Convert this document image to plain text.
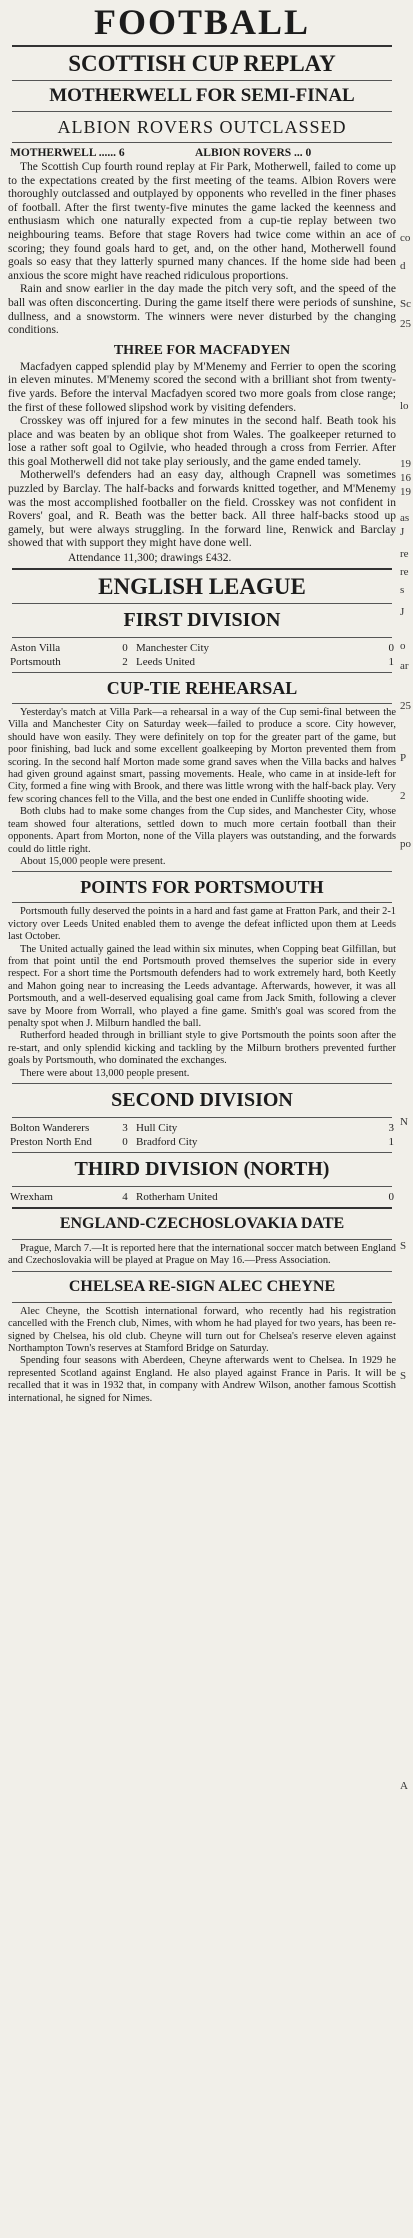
FOOTBALL
SCOTTISH CUP REPLAY
MOTHERWELL FOR SEMI-FINAL
ALBION ROVERS OUTCLASSED
MOTHERWELL ...... 6	ALBION ROVERS ... 0

The Scottish Cup fourth round replay at Fir Park, Motherwell, failed to come up to the expectations created by the first meeting of the teams. Albion Rovers were thoroughly outclassed and outplayed by opponents who revelled in the finer phases of football. After the first twenty-five minutes the game lacked the keenness and enthusiasm which one naturally expected from a cup-tie replay between two neighbouring teams. Before that stage Rovers had twice come within an ace of scoring; they found goals hard to get, and, on the other hand, Motherwell found goals so easy that they latterly spurned many chances. If the home side had been anxious the score might have reached ridiculous proportions.

Rain and snow earlier in the day made the pitch very soft, and the speed of the ball was often disconcerting. During the game itself there were periods of sunshine, dullness, and a snowstorm. The winners were never disturbed by the changing conditions.

THREE FOR MACFADYEN

Macfadyen capped splendid play by M'Menemy and Ferrier to open the scoring in eleven minutes. M'Menemy scored the second with a brilliant shot from twenty-five yards. Before the interval Macfadyen scored two more goals from close range; the first of these followed slipshod work by visiting defenders.

Crosskey was off injured for a few minutes in the second half. Beath took his place and was beaten by an oblique shot from Wales. The goalkeeper returned to lose a rather soft goal to Ogilvie, who headed through a cross from Ferrier. After this goal Motherwell did not take play seriously, and the game ended tamely.

Motherwell's defenders had an easy day, although Crapnell was sometimes puzzled by Barclay. The half-backs and forwards knitted together, and M'Menemy was the most accomplished footballer on the field. Crosskey was not confident in Rovers' goal, and R. Beath was the better back. All three half-backs stood up gamely, but were always struggling. In the forward line, Renwick and Barclay showed that with support they might have done well.

Attendance 11,300; drawings £432.
ENGLISH LEAGUE
FIRST DIVISION
Aston Villa	0 Manchester City	0
Portsmouth	2 Leeds United	1
CUP-TIE REHEARSAL

Yesterday's match at Villa Park—a rehearsal in a way of the Cup semi-final between the Villa and Manchester City on Saturday week—failed to produce a score. City however, should have won easily. They were definitely on top for the greater part of the game, but poor finishing, bad luck and some excellent goalkeeping by Morton prevented them from scoring. In the second half Morton made some grand saves when the Villa backs and halves had given ground against smart, passing movements. Heale, who came in at inside-left for City, formed a fine wing with Brook, and there was little wrong with the half-back play. Very few scoring chances fell to the Villa, and the best one ended in Cunliffe shooting wide.

Both clubs had to make some changes from the Cup sides, and Manchester City, whose team showed four alterations, settled down to much more certain football than their opponents. Apart from Morton, none of the Villa players was outstanding, and the forwards could do little right.

About 15,000 people were present.

POINTS FOR PORTSMOUTH

Portsmouth fully deserved the points in a hard and fast game at Fratton Park, and their 2-1 victory over Leeds United enabled them to avenge the defeat inflicted upon them at Leeds last October.

The United actually gained the lead within six minutes, when Copping beat Gilfillan, but from that point until the end Portsmouth proved themselves the superior side in every respect. For a short time the Portsmouth defenders had to work extremely hard, both Keetly and Mahon going near to increasing the Leeds advantage. Afterwards, however, it was all Portsmouth, and a well-deserved equalising goal came from Jack Smith, following a clever save by Moore from Worrall, who played a fine game. Smith's goal was scored from the penalty spot when J. Milburn handled the ball.

Rutherford headed through in brilliant style to give Portsmouth the points soon after the re-start, and only splendid kicking and tackling by the Milburn brothers prevented further goals by Portsmouth, who dominated the exchanges.

There were about 13,000 people present.

SECOND DIVISION
Bolton Wanderers	3 Hull City	3
Preston North End	0 Bradford City	1
THIRD DIVISION (NORTH)
Wrexham	4 Rotherham United	0
ENGLAND-CZECHOSLOVAKIA DATE

Prague, March 7.—It is reported here that the international soccer match between England and Czechoslovakia will be played at Prague on May 16.—Press Association.

CHELSEA RE-SIGN ALEC CHEYNE

Alec Cheyne, the Scottish international forward, who recently had his registration cancelled with the French club, Nimes, with whom he had played for two years, has been re-signed by Chelsea, his old club. Cheyne will turn out for Chelsea's reserve eleven against Northampton Town's reserves at Stamford Bridge on Saturday.

Spending four seasons with Aberdeen, Cheyne afterwards went to Chelsea. In 1929 he represented Scotland against England. He also played against France in Paris. It will be recalled that it was in 1932 that, in company with Andrew Wilson, another famous Scottish international, he signed for Nimes.

co
d
Sc
25
lo
19
16
19
as
J
re
re
s
J
o
ar
25
P
2
po
N
S
S
A
